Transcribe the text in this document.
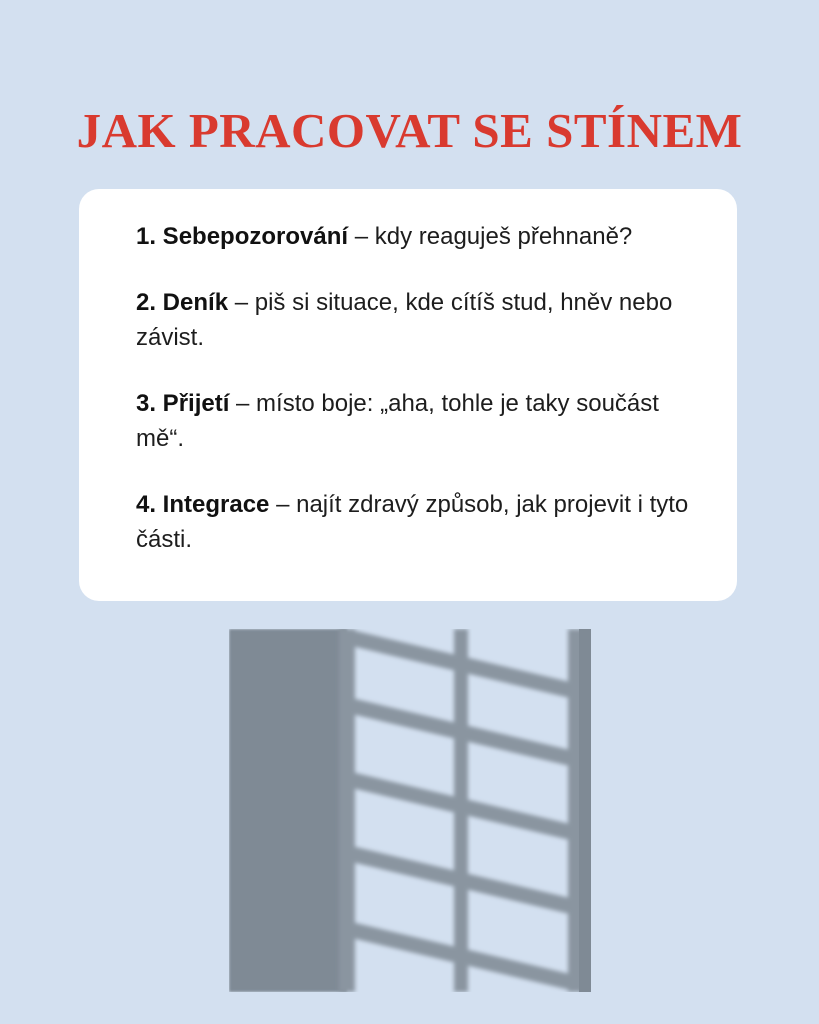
JAK PRACOVAT SE STÍNEM

1. Sebepozorování – kdy reaguješ přehnaně?

2. Deník – piš si situace, kde cítíš stud, hněv nebo závist.

3. Přijetí – místo boje: „aha, tohle je taky součást mě“.

4. Integrace – najít zdravý způsob, jak projevit i tyto části.
